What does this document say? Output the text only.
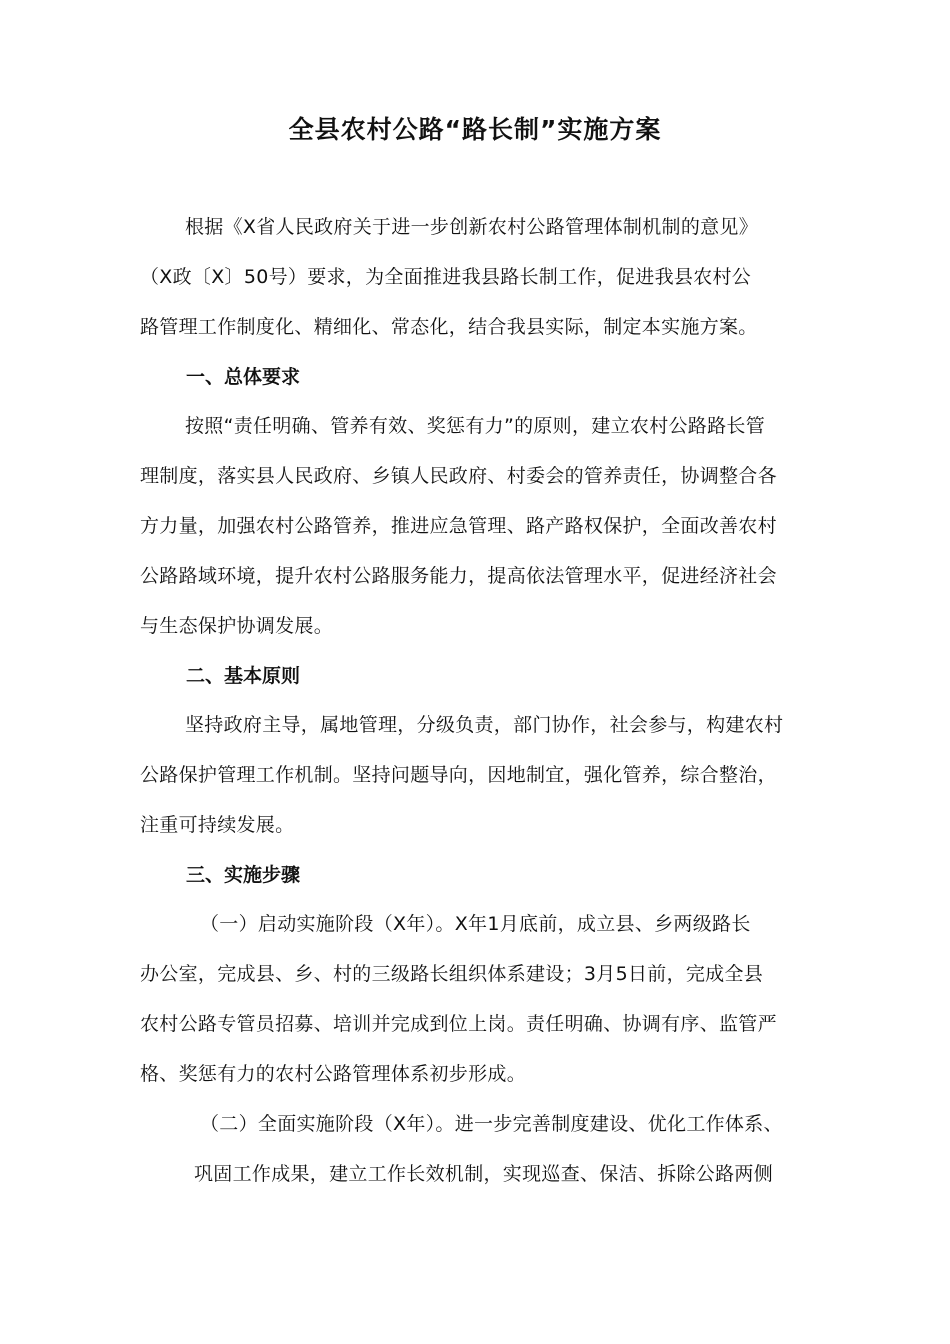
全县农村公路“路长制”实施方案
根据《X省人民政府关于进一步创新农村公路管理体制机制的意见》
（X政〔X〕50号）要求，为全面推进我县路长制工作，促进我县农村公
路管理工作制度化、精细化、常态化，结合我县实际，制定本实施方案。
一、总体要求
按照“责任明确、管养有效、奖惩有力”的原则，建立农村公路路长管
理制度，落实县人民政府、乡镇人民政府、村委会的管养责任，协调整合各
方力量，加强农村公路管养，推进应急管理、路产路权保护，全面改善农村
公路路域环境，提升农村公路服务能力，提高依法管理水平，促进经济社会
与生态保护协调发展。
二、基本原则
坚持政府主导，属地管理，分级负责，部门协作，社会参与，构建农村
公路保护管理工作机制。坚持问题导向，因地制宜，强化管养，综合整治，
注重可持续发展。
三、实施步骤
（一）启动实施阶段（X年）。X年1月底前，成立县、乡两级路长
办公室，完成县、乡、村的三级路长组织体系建设；3月5日前，完成全县
农村公路专管员招募、培训并完成到位上岗。责任明确、协调有序、监管严
格、奖惩有力的农村公路管理体系初步形成。
（二）全面实施阶段（X年）。进一步完善制度建设、优化工作体系、
巩固工作成果，建立工作长效机制，实现巡查、保洁、拆除公路两侧
